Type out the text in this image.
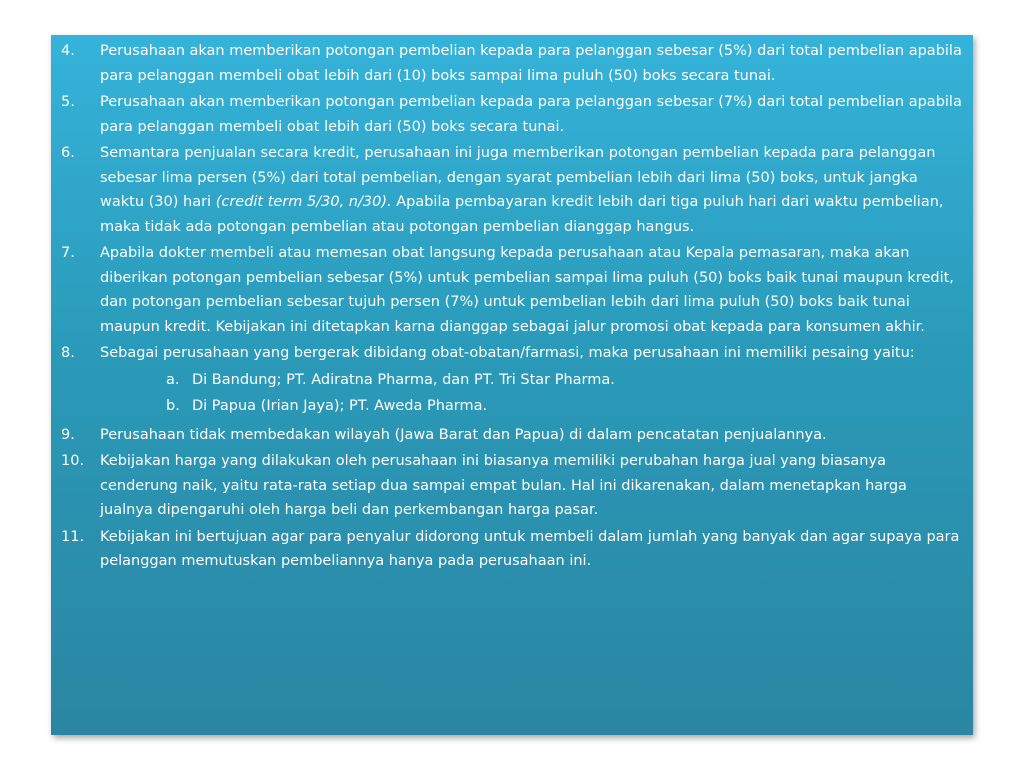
4.	Perusahaan akan memberikan potongan pembelian kepada para pelanggan sebesar (5%) dari total pembelian apabila para pelanggan membeli obat lebih dari (10) boks sampai lima puluh (50) boks secara tunai.
5.	Perusahaan akan memberikan potongan pembelian kepada para pelanggan sebesar (7%) dari total pembelian apabila para pelanggan membeli obat lebih dari (50) boks secara tunai.
6.	Semantara penjualan secara kredit, perusahaan ini juga memberikan potongan pembelian kepada para pelanggan sebesar lima persen (5%) dari total pembelian, dengan syarat pembelian lebih dari lima (50) boks, untuk jangka waktu (30) hari (credit term 5/30, n/30). Apabila pembayaran kredit lebih dari tiga puluh hari dari waktu pembelian, maka tidak ada potongan pembelian atau potongan pembelian dianggap hangus.
7.	Apabila dokter membeli atau memesan obat langsung kepada perusahaan atau Kepala pemasaran, maka akan diberikan potongan pembelian sebesar (5%) untuk pembelian sampai lima puluh (50) boks baik tunai maupun kredit, dan potongan pembelian sebesar tujuh persen (7%) untuk pembelian lebih dari lima puluh (50) boks baik tunai maupun kredit. Kebijakan ini ditetapkan karna dianggap sebagai jalur promosi obat kepada para konsumen akhir.
8.	Sebagai perusahaan yang bergerak dibidang obat-obatan/farmasi, maka perusahaan ini memiliki pesaing yaitu:
a. Di Bandung; PT. Adiratna Pharma, dan PT. Tri Star Pharma.
b. Di Papua (Irian Jaya); PT. Aweda Pharma.
9.	Perusahaan tidak membedakan wilayah (Jawa Barat dan Papua) di dalam pencatatan penjualannya.
10.	Kebijakan harga yang dilakukan oleh perusahaan ini biasanya memiliki perubahan harga jual yang biasanya cenderung naik, yaitu rata-rata setiap dua sampai empat bulan. Hal ini dikarenakan, dalam menetapkan harga jualnya dipengaruhi oleh harga beli dan perkembangan harga pasar.
11.	Kebijakan ini bertujuan agar para penyalur didorong untuk membeli dalam jumlah yang banyak dan agar supaya para pelanggan memutuskan pembeliannya hanya pada perusahaan ini.
